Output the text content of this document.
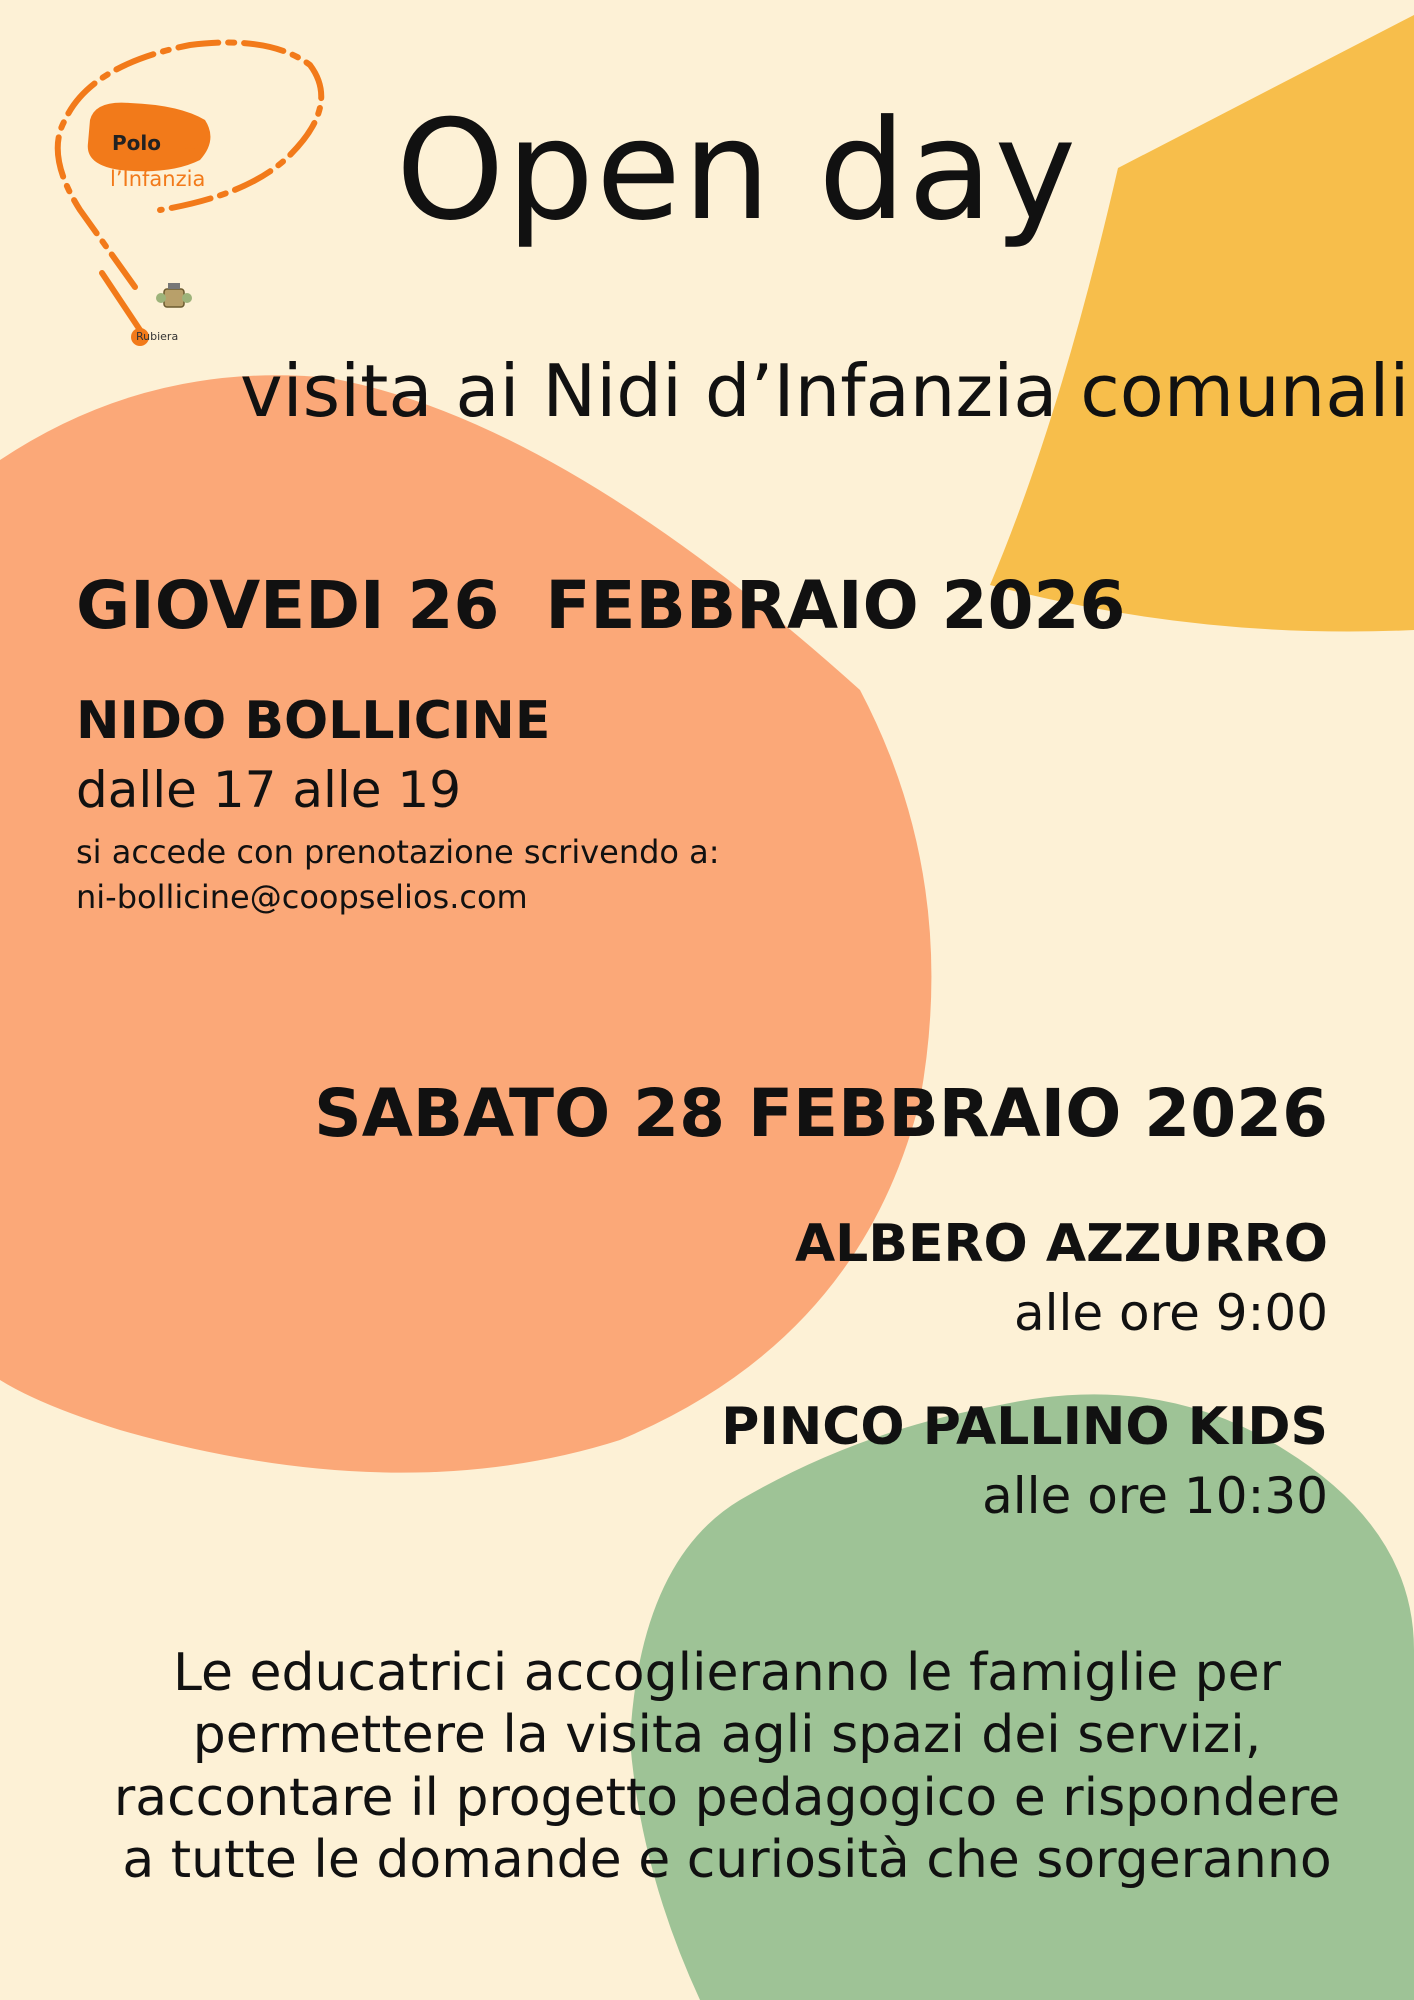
Polo per
l’Infanzia
Rubiera
Open day
visita ai Nidi d’Infanzia comunali
GIOVEDI 26  FEBBRAIO 2026
NIDO BOLLICINE
dalle 17 alle 19
si accede con prenotazione scrivendo a:
ni-bollicine@coopselios.com
SABATO 28 FEBBRAIO 2026
ALBERO AZZURRO
alle ore 9:00
PINCO PALLINO KIDS
alle ore 10:30
Le educatrici accoglieranno le famiglie per
permettere la visita agli spazi dei servizi,
raccontare il progetto pedagogico e rispondere
a tutte le domande e curiosità che sorgeranno
